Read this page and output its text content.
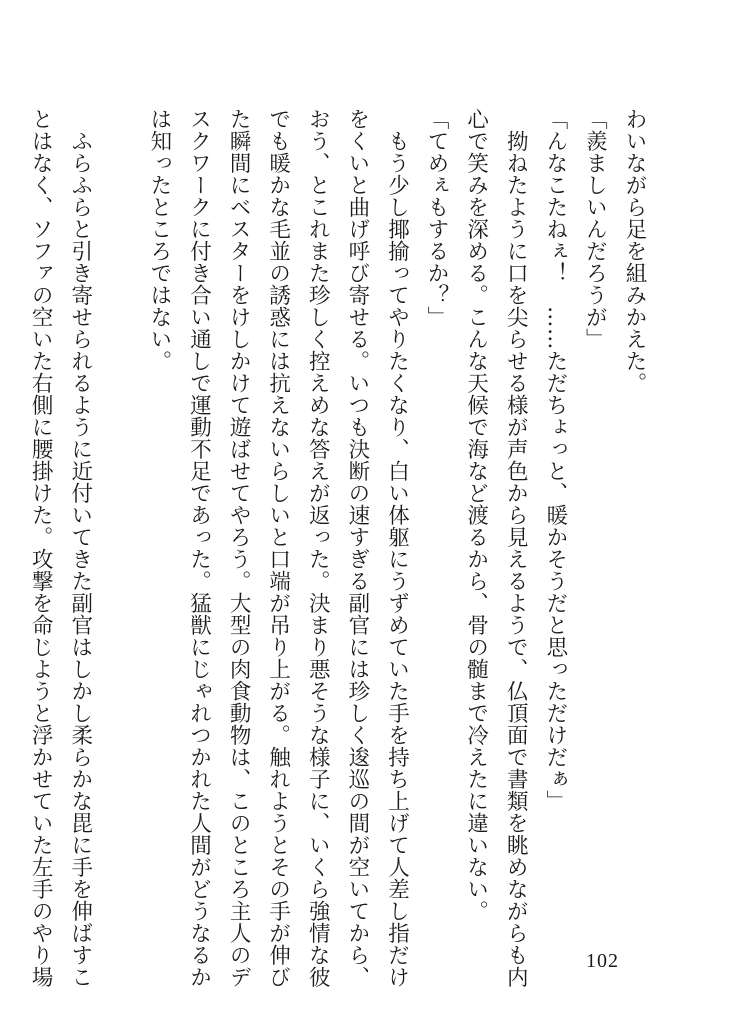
わいながら足を組みかえた。
「羨ましいんだろうが」
「んなこたねぇ！　……ただちょっと、暖かそうだと思っただけだぁ」
　拗ねたように口を尖らせる様が声色から見えるようで、仏頂面で書類を眺めながらも内
心で笑みを深める。こんな天候で海など渡るから、骨の髄まで冷えたに違いない。
「てめぇもするか？」
　もう少し揶揄ってやりたくなり、白い体躯にうずめていた手を持ち上げて人差し指だけ
をくいと曲げ呼び寄せる。いつも決断の速すぎる副官には珍しく逡巡の間が空いてから、
おう、とこれまた珍しく控えめな答えが返った。決まり悪そうな様子に、いくら強情な彼
でも暖かな毛並の誘惑には抗えないらしいと口端が吊り上がる。触れようとその手が伸び
た瞬間にベスターをけしかけて遊ばせてやろう。大型の肉食動物は、このところ主人のデ
スクワークに付き合い通しで運動不足であった。猛獣にじゃれつかれた人間がどうなるか
は知ったところではない。
　ふらふらと引き寄せられるように近付いてきた副官はしかし柔らかな毘に手を伸ばすこ
とはなく、ソファの空いた右側に腰掛けた。攻撃を命じようと浮かせていた左手のやり場	102
